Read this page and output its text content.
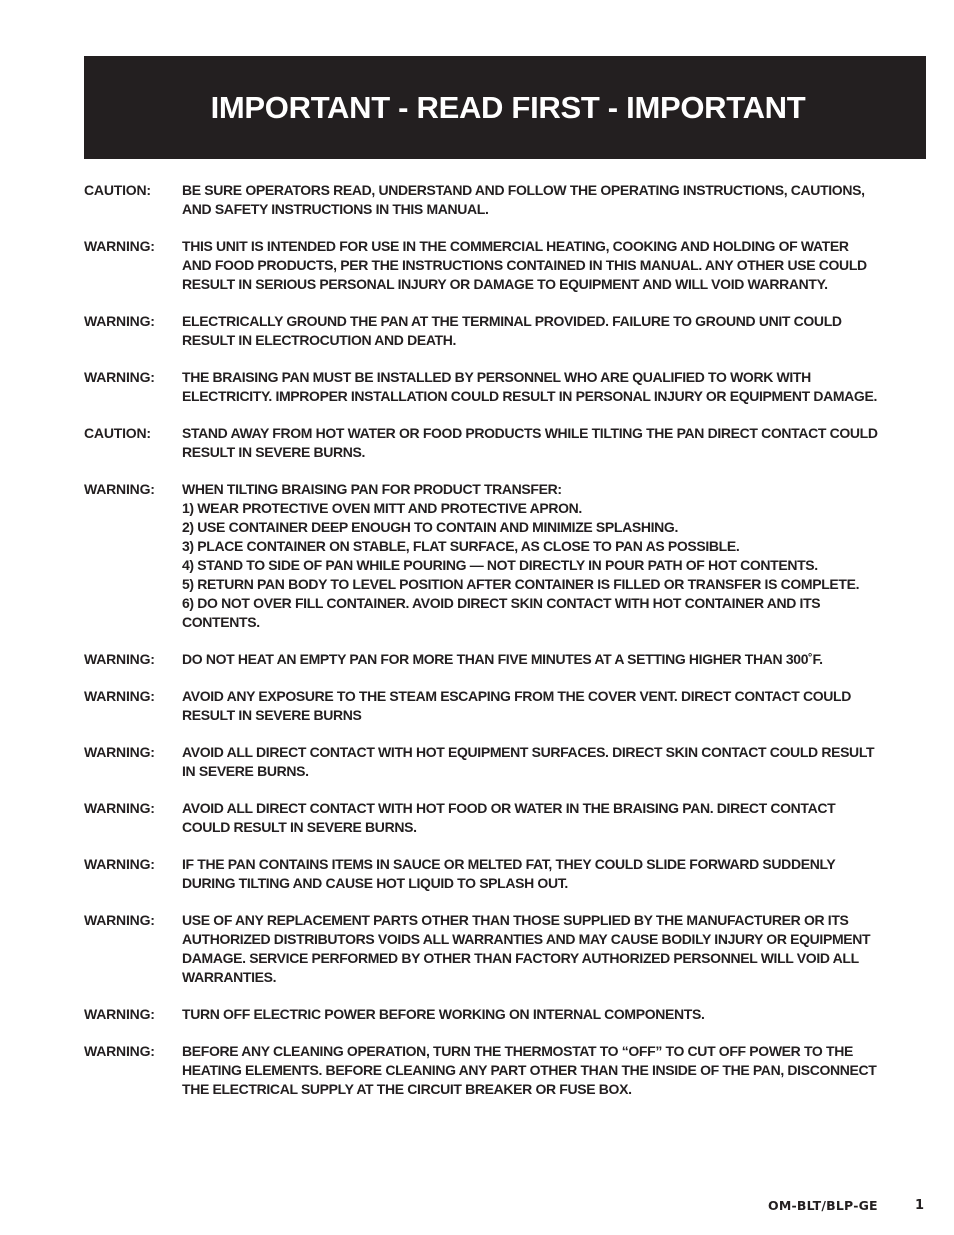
IMPORTANT - READ FIRST - IMPORTANT
CAUTION:	BE SURE OPERATORS READ, UNDERSTAND AND FOLLOW THE OPERATING INSTRUCTIONS, CAUTIONS,
AND SAFETY INSTRUCTIONS IN THIS MANUAL.
WARNING:	THIS UNIT IS INTENDED FOR USE IN THE COMMERCIAL HEATING, COOKING AND HOLDING OF WATER
AND FOOD PRODUCTS, PER THE INSTRUCTIONS CONTAINED IN THIS MANUAL. ANY OTHER USE COULD
RESULT IN SERIOUS PERSONAL INJURY OR DAMAGE TO EQUIPMENT AND WILL VOID WARRANTY.
WARNING:	ELECTRICALLY GROUND THE PAN AT THE TERMINAL PROVIDED. FAILURE TO GROUND UNIT COULD
RESULT IN ELECTROCUTION AND DEATH.
WARNING:	THE BRAISING PAN MUST BE INSTALLED BY PERSONNEL WHO ARE QUALIFIED TO WORK WITH
ELECTRICITY. IMPROPER INSTALLATION COULD RESULT IN PERSONAL INJURY OR EQUIPMENT DAMAGE.
CAUTION:	STAND AWAY FROM HOT WATER OR FOOD PRODUCTS WHILE TILTING THE PAN DIRECT CONTACT COULD
RESULT IN SEVERE BURNS.
WARNING:	WHEN TILTING BRAISING PAN FOR PRODUCT TRANSFER:
1) WEAR PROTECTIVE OVEN MITT AND PROTECTIVE APRON.
2) USE CONTAINER DEEP ENOUGH TO CONTAIN AND MINIMIZE SPLASHING.
3) PLACE CONTAINER ON STABLE, FLAT SURFACE, AS CLOSE TO PAN AS POSSIBLE.
4) STAND TO SIDE OF PAN WHILE POURING — NOT DIRECTLY IN POUR PATH OF HOT CONTENTS.
5) RETURN PAN BODY TO LEVEL POSITION AFTER CONTAINER IS FILLED OR TRANSFER IS COMPLETE.
6) DO NOT OVER FILL CONTAINER. AVOID DIRECT SKIN CONTACT WITH HOT CONTAINER AND ITS
CONTENTS.
WARNING:	DO NOT HEAT AN EMPTY PAN FOR MORE THAN FIVE MINUTES AT A SETTING HIGHER THAN 300˚F.
WARNING:	AVOID ANY EXPOSURE TO THE STEAM ESCAPING FROM THE COVER VENT. DIRECT CONTACT COULD
RESULT IN SEVERE BURNS
WARNING:	AVOID ALL DIRECT CONTACT WITH HOT EQUIPMENT SURFACES. DIRECT SKIN CONTACT COULD RESULT
IN SEVERE BURNS.
WARNING:	AVOID ALL DIRECT CONTACT WITH HOT FOOD OR WATER IN THE BRAISING PAN. DIRECT CONTACT
COULD RESULT IN SEVERE BURNS.
WARNING:	IF THE PAN CONTAINS ITEMS IN SAUCE OR MELTED FAT, THEY COULD SLIDE FORWARD SUDDENLY
DURING TILTING AND CAUSE HOT LIQUID TO SPLASH OUT.
WARNING:	USE OF ANY REPLACEMENT PARTS OTHER THAN THOSE SUPPLIED BY THE MANUFACTURER OR ITS
AUTHORIZED DISTRIBUTORS VOIDS ALL WARRANTIES AND MAY CAUSE BODILY INJURY OR EQUIPMENT
DAMAGE. SERVICE PERFORMED BY OTHER THAN FACTORY AUTHORIZED PERSONNEL WILL VOID ALL
WARRANTIES.
WARNING:	TURN OFF ELECTRIC POWER BEFORE WORKING ON INTERNAL COMPONENTS.
WARNING:	BEFORE ANY CLEANING OPERATION, TURN THE THERMOSTAT TO “OFF” TO CUT OFF POWER TO THE
HEATING ELEMENTS. BEFORE CLEANING ANY PART OTHER THAN THE INSIDE OF THE PAN, DISCONNECT
THE ELECTRICAL SUPPLY AT THE CIRCUIT BREAKER OR FUSE BOX.
OM-BLT/BLP-GE	1
